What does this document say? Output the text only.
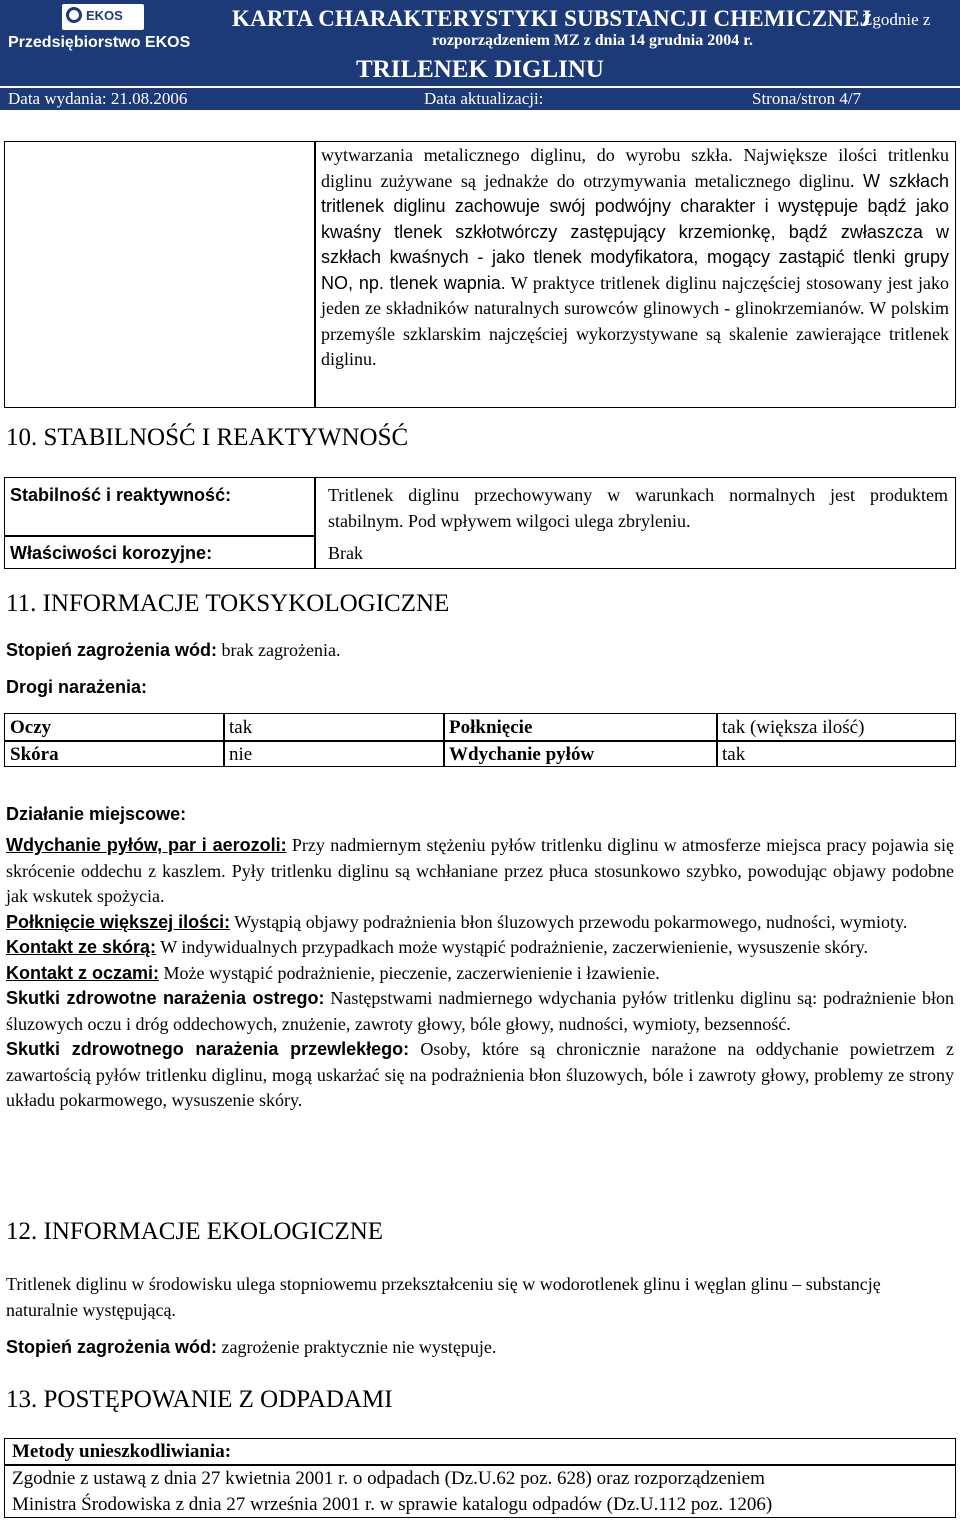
EKOS
Przedsiębiorstwo EKOS
KARTA CHARAKTERYSTYKI SUBSTANCJI CHEMICZNEJ
Zgodnie z
rozporządzeniem MZ z dnia 14 grudnia 2004 r.
TRILENEK DIGLINU
Data wydania: 21.08.2006	Data aktualizacji:	Strona/stron 4/7
wytwarzania metalicznego diglinu, do wyrobu szkła. Największe ilości tritlenku diglinu zużywane są jednakże do otrzymywania metalicznego diglinu. W szkłach tritlenek diglinu zachowuje swój podwójny charakter i występuje bądź jako kwaśny tlenek szkłotwórczy zastępujący krzemionkę, bądź zwłaszcza w szkłach kwaśnych - jako tlenek modyfikatora, mogący zastąpić tlenki grupy NO, np. tlenek wapnia. W praktyce tritlenek diglinu najczęściej stosowany jest jako jeden ze składników naturalnych surowców glinowych - glinokrzemianów. W polskim przemyśle szklarskim najczęściej wykorzystywane są skalenie zawierające tritlenek diglinu.
10. STABILNOŚĆ I REAKTYWNOŚĆ
Stabilność i reaktywność:	Tritlenek diglinu przechowywany w warunkach normalnych jest produktem stabilnym. Pod wpływem wilgoci ulega zbryleniu.
Właściwości korozyjne:	Brak
11. INFORMACJE TOKSYKOLOGICZNE
Stopień zagrożenia wód: brak zagrożenia.
Drogi narażenia:
Oczy	tak	Połknięcie	tak (większa ilość)
Skóra	nie	Wdychanie pyłów	tak
Działanie miejscowe:
Wdychanie pyłów, par i aerozoli: Przy nadmiernym stężeniu pyłów tritlenku diglinu w atmosferze miejsca pracy pojawia się skrócenie oddechu z kaszlem. Pyły tritlenku diglinu są wchłaniane przez płuca stosunkowo szybko, powodując objawy podobne jak wskutek spożycia.
Połknięcie większej ilości: Wystąpią objawy podrażnienia błon śluzowych przewodu pokarmowego, nudności, wymioty.
Kontakt ze skórą: W indywidualnych przypadkach może wystąpić podrażnienie, zaczerwienienie, wysuszenie skóry.
Kontakt z oczami: Może wystąpić podrażnienie, pieczenie, zaczerwienienie i łzawienie.
Skutki zdrowotne narażenia ostrego: Następstwami nadmiernego wdychania pyłów tritlenku diglinu są: podrażnienie błon śluzowych oczu i dróg oddechowych, znużenie, zawroty głowy, bóle głowy, nudności, wymioty, bezsenność.
Skutki zdrowotnego narażenia przewlekłego: Osoby, które są chronicznie narażone na oddychanie powietrzem z zawartością pyłów tritlenku diglinu, mogą uskarżać się na podrażnienia błon śluzowych, bóle i zawroty głowy, problemy ze strony układu pokarmowego, wysuszenie skóry.
12. INFORMACJE EKOLOGICZNE
Tritlenek diglinu w środowisku ulega stopniowemu przekształceniu się w wodorotlenek glinu i węglan glinu – substancję naturalnie występującą.
Stopień zagrożenia wód: zagrożenie praktycznie nie występuje.
13. POSTĘPOWANIE Z ODPADAMI
Metody unieszkodliwiania:
Zgodnie z ustawą z dnia 27 kwietnia 2001 r. o odpadach (Dz.U.62 poz. 628) oraz rozporządzeniem
Ministra Środowiska z dnia 27 września 2001 r. w sprawie katalogu odpadów (Dz.U.112 poz. 1206)
